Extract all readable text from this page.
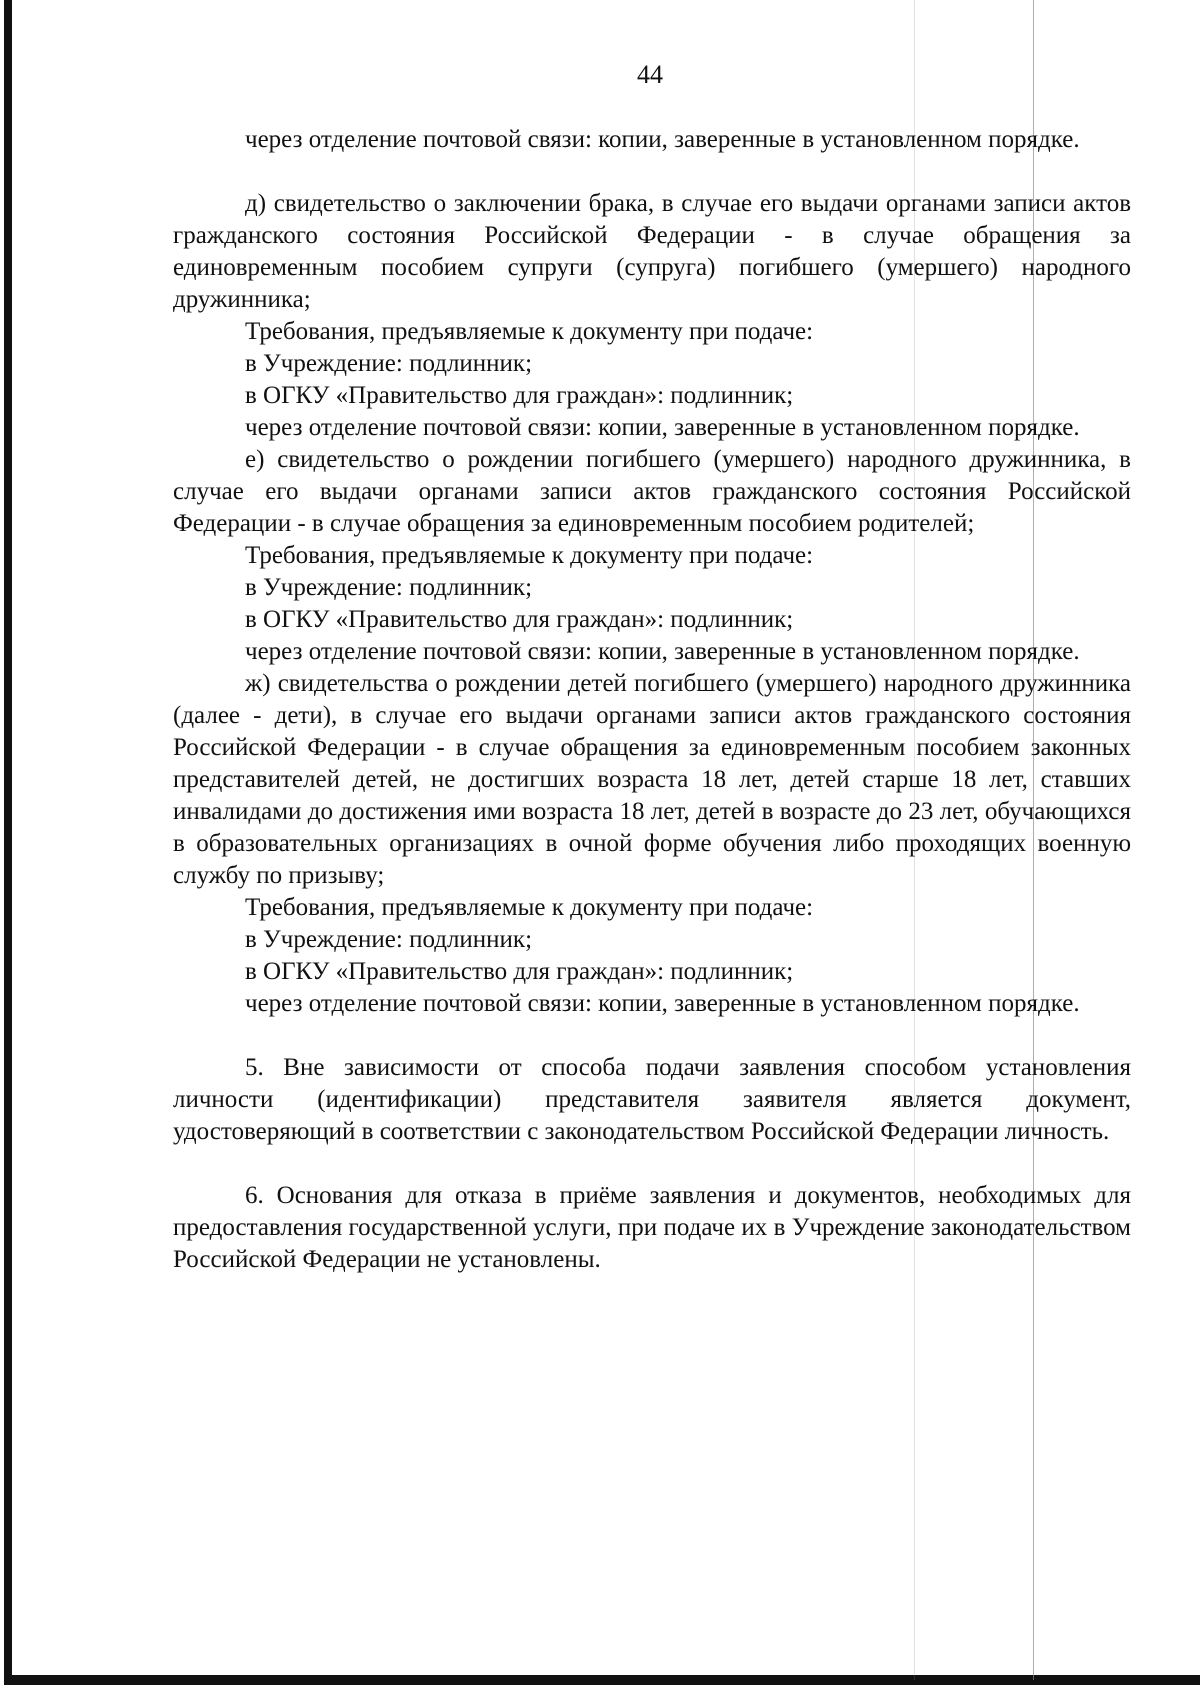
44

через отделение почтовой связи: копии, заверенные в установленном порядке.

д) свидетельство о заключении брака, в случае его выдачи органами записи актов гражданского состояния Российской Федерации - в случае обращения за единовременным пособием супруги (супруга) погибшего (умершего) народного дружинника;

Требования, предъявляемые к документу при подаче:

в Учреждение: подлинник;

в ОГКУ «Правительство для граждан»: подлинник;

через отделение почтовой связи: копии, заверенные в установленном порядке.

е) свидетельство о рождении погибшего (умершего) народного дружинника, в случае его выдачи органами записи актов гражданского состояния Российской Федерации - в случае обращения за единовременным пособием родителей;

Требования, предъявляемые к документу при подаче:

в Учреждение: подлинник;

в ОГКУ «Правительство для граждан»: подлинник;

через отделение почтовой связи: копии, заверенные в установленном порядке.

ж) свидетельства о рождении детей погибшего (умершего) народного дружинника (далее - дети), в случае его выдачи органами записи актов гражданского состояния Российской Федерации - в случае обращения за единовременным пособием законных представителей детей, не достигших возраста 18 лет, детей старше 18 лет, ставших инвалидами до достижения ими возраста 18 лет, детей в возрасте до 23 лет, обучающихся в образовательных организациях в очной форме обучения либо проходящих военную службу по призыву;

Требования, предъявляемые к документу при подаче:

в Учреждение: подлинник;

в ОГКУ «Правительство для граждан»: подлинник;

через отделение почтовой связи: копии, заверенные в установленном порядке.

5. Вне зависимости от способа подачи заявления способом установления личности (идентификации) представителя заявителя является документ, удостоверяющий в соответствии с законодательством Российской Федерации личность.

6. Основания для отказа в приёме заявления и документов, необходимых для предоставления государственной услуги, при подаче их в Учреждение законодательством Российской Федерации не установлены.
